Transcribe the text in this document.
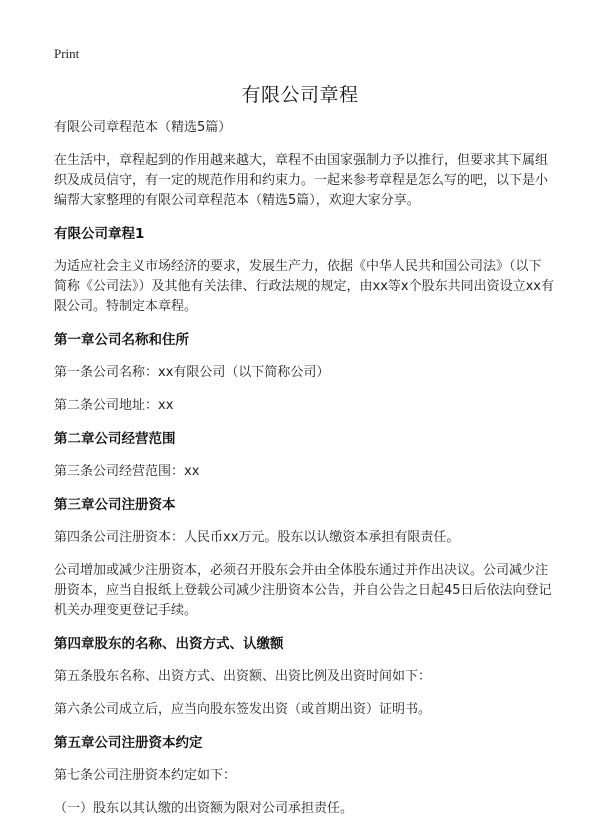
Print
有限公司章程

有限公司章程范本（精选5篇）

在生活中，章程起到的作用越来越大，章程不由国家强制力予以推行，但要求其下属组织及成员信守，有一定的规范作用和约束力。一起来参考章程是怎么写的吧，以下是小编帮大家整理的有限公司章程范本（精选5篇），欢迎大家分享。

有限公司章程1

为适应社会主义市场经济的要求，发展生产力，依据《中华人民共和国公司法》（以下简称《公司法》）及其他有关法律、行政法规的规定，由xx等x个股东共同出资设立xx有限公司。特制定本章程。

第一章公司名称和住所

第一条公司名称：xx有限公司（以下简称公司）

第二条公司地址：xx

第二章公司经营范围

第三条公司经营范围：xx

第三章公司注册资本

第四条公司注册资本：人民币xx万元。股东以认缴资本承担有限责任。

公司增加或减少注册资本，必须召开股东会并由全体股东通过并作出决议。公司减少注册资本，应当自报纸上登载公司减少注册资本公告，并自公告之日起45日后依法向登记机关办理变更登记手续。

第四章股东的名称、出资方式、认缴额

第五条股东名称、出资方式、出资额、出资比例及出资时间如下：

第六条公司成立后，应当向股东签发出资（或首期出资）证明书。

第五章公司注册资本约定

第七条公司注册资本约定如下：

（一）股东以其认缴的出资额为限对公司承担责任。
